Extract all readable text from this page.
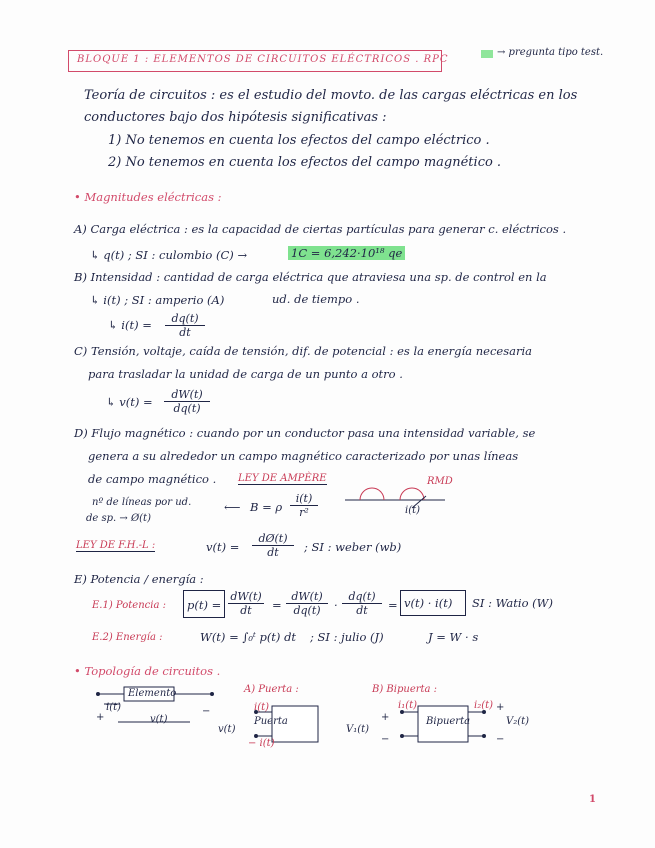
BLOQUE 1 : ELEMENTOS DE CIRCUITOS ELÉCTRICOS . RPC
→ pregunta tipo test.
Teoría de circuitos : es el estudio del movto. de las cargas eléctricas en los
conductores bajo dos hipótesis significativas :
1) No tenemos en cuenta los efectos del campo eléctrico .
2) No tenemos en cuenta los efectos del campo magnético .
• Magnitudes eléctricas :
A) Carga eléctrica : es la capacidad de ciertas partículas para generar c. eléctricos .
↳ q(t) ; SI : culombio (C) →	1C = 6,242·10¹⁸ qe
B) Intensidad : cantidad de carga eléctrica que atraviesa una sp. de control en la
↳ i(t) ; SI : amperio (A)	ud. de tiempo .
↳ $i(t) = \frac{dq(t)}{dt}$
C) Tensión, voltaje, caída de tensión, dif. de potencial : es la energía necesaria
para trasladar la unidad de carga de un punto a otro .
↳ $v(t) = \frac{dW(t)}{dq(t)}$
D) Flujo magnético : cuando por un conductor pasa una intensidad variable, se
genera a su alrededor un campo magnético caracterizado por unas líneas
de campo magnético . LEY DE AMPÈRE
nº de líneas por ud.
de sp. → Ø(t)
⟵ B = ρ $\frac{i(t)}{\text{r²}}$
RMD
i(t)
LEY DE F.H.-L :	$v(t) = \frac{dØ(t)}{dt}$ ; SI : weber (wb)
E) Potencia / energía :
E.1) Potencia : $p(t) = \frac{dW(t)}{dt} = \frac{dW(t)}{dq(t)} \cdot \frac{dq(t)}{dt} = v(t) \cdot i(t)$ SI : Watio (W)
E.2) Energía :	W(t) = ∫₀ᵗ p(t) dt ; SI : julio (J)	J = W · s
• Topología de circuitos .
Elemento
i(t)
+	v(t)
−
A) Puerta :
Puerta
i(t)
− i(t)
v(t)
B) Bipuerta :
Bipuerta
i₁(t)	i₂(t)
V₁(t)
V₂(t)
+
−
+
−
1
